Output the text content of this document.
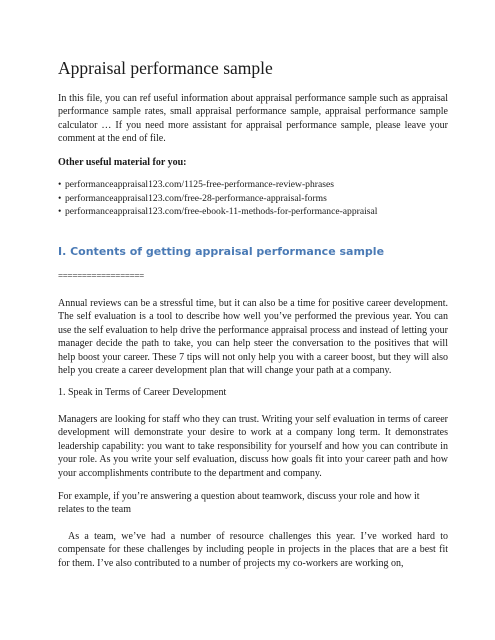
Appraisal performance sample
In this file, you can ref useful information about appraisal performance sample such as appraisal performance sample rates, small appraisal performance sample, appraisal performance sample calculator … If you need more assistant for appraisal performance sample, please leave your comment at the end of file.
Other useful material for you:
• performanceappraisal123.com/1125-free-performance-review-phrases
• performanceappraisal123.com/free-28-performance-appraisal-forms
• performanceappraisal123.com/free-ebook-11-methods-for-performance-appraisal
I. Contents of getting appraisal performance sample
==================
Annual reviews can be a stressful time, but it can also be a time for positive career development. The self evaluation is a tool to describe how well you’ve performed the previous year. You can use the self evaluation to help drive the performance appraisal process and instead of letting your manager decide the path to take, you can help steer the conversation to the positives that will help boost your career. These 7 tips will not only help you with a career boost, but they will also help you create a career development plan that will change your path at a company.
1. Speak in Terms of Career Development
Managers are looking for staff who they can trust. Writing your self evaluation in terms of career development will demonstrate your desire to work at a company long term. It demonstrates leadership capability: you want to take responsibility for yourself and how you can contribute in your role. As you write your self evaluation, discuss how goals fit into your career path and how your accomplishments contribute to the department and company.
For example, if you’re answering a question about teamwork, discuss your role and how it relates to the team
As a team, we’ve had a number of resource challenges this year. I’ve worked hard to compensate for these challenges by including people in projects in the places that are a best fit for them. I’ve also contributed to a number of projects my co-workers are working on,
